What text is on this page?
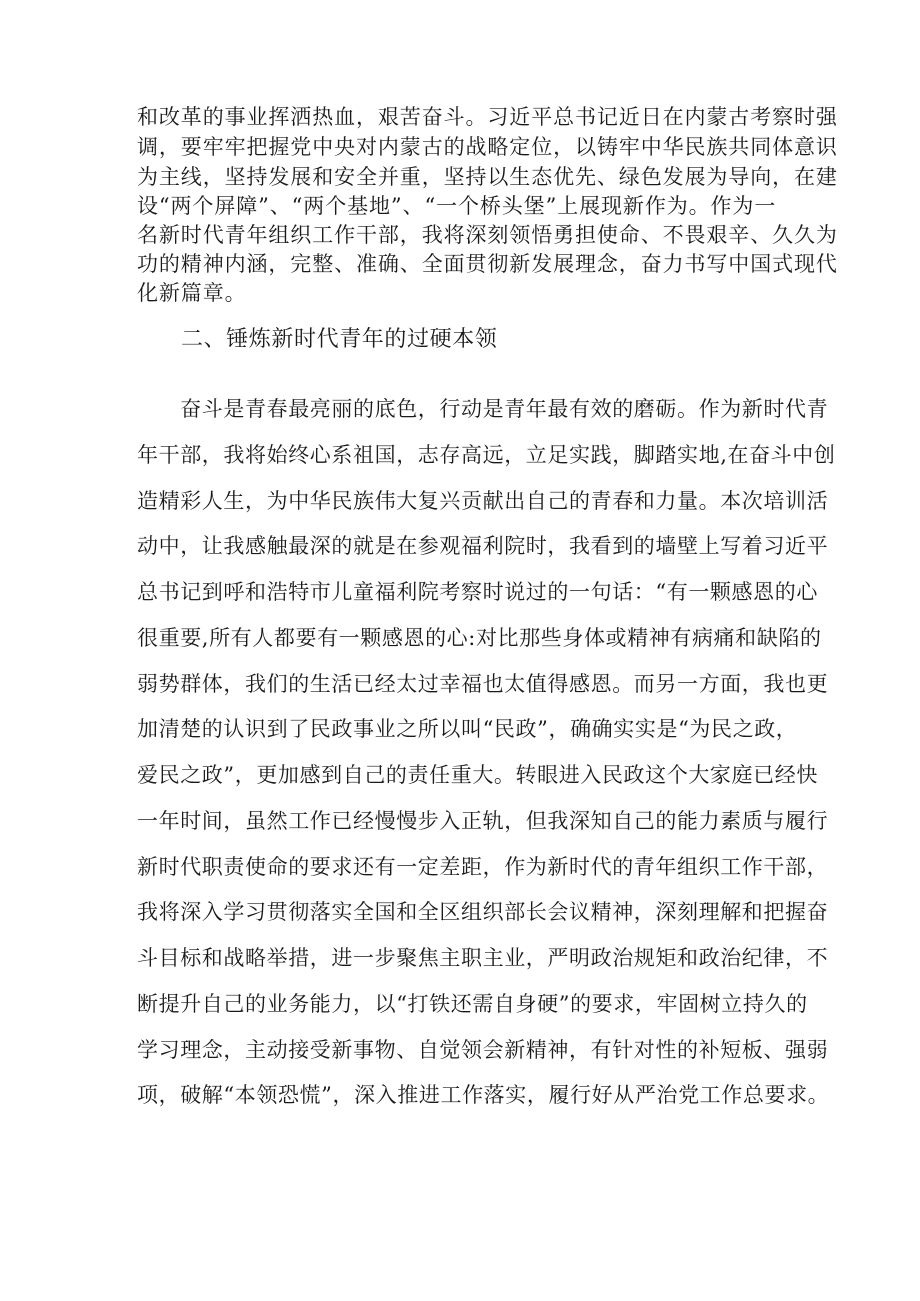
和改革的事业挥洒热血，艰苦奋斗。习近平总书记近日在内蒙古考察时强
调，要牢牢把握党中央对内蒙古的战略定位，以铸牢中华民族共同体意识
为主线，坚持发展和安全并重，坚持以生态优先、绿色发展为导向，在建
设“两个屏障”、“两个基地”、“一个桥头堡”上展现新作为。作为一
名新时代青年组织工作干部，我将深刻领悟勇担使命、不畏艰辛、久久为
功的精神内涵，完整、准确、全面贯彻新发展理念，奋力书写中国式现代
化新篇章。
二、锤炼新时代青年的过硬本领
　　奋斗是青春最亮丽的底色，行动是青年最有效的磨砺。作为新时代青
年干部，我将始终心系祖国，志存高远，立足实践，脚踏实地,在奋斗中创
造精彩人生，为中华民族伟大复兴贡献出自己的青春和力量。本次培训活
动中，让我感触最深的就是在参观福利院时，我看到的墙壁上写着习近平
总书记到呼和浩特市儿童福利院考察时说过的一句话：“有一颗感恩的心
很重要,所有人都要有一颗感恩的心:对比那些身体或精神有病痛和缺陷的
弱势群体，我们的生活已经太过幸福也太值得感恩。而另一方面，我也更
加清楚的认识到了民政事业之所以叫“民政”，确确实实是“为民之政，
爱民之政”，更加感到自己的责任重大。转眼进入民政这个大家庭已经快
一年时间，虽然工作已经慢慢步入正轨，但我深知自己的能力素质与履行
新时代职责使命的要求还有一定差距，作为新时代的青年组织工作干部，
我将深入学习贯彻落实全国和全区组织部长会议精神，深刻理解和把握奋
斗目标和战略举措，进一步聚焦主职主业，严明政治规矩和政治纪律，不
断提升自己的业务能力，以“打铁还需自身硬”的要求，牢固树立持久的
学习理念，主动接受新事物、自觉领会新精神，有针对性的补短板、强弱
项，破解“本领恐慌”，深入推进工作落实，履行好从严治党工作总要求。
